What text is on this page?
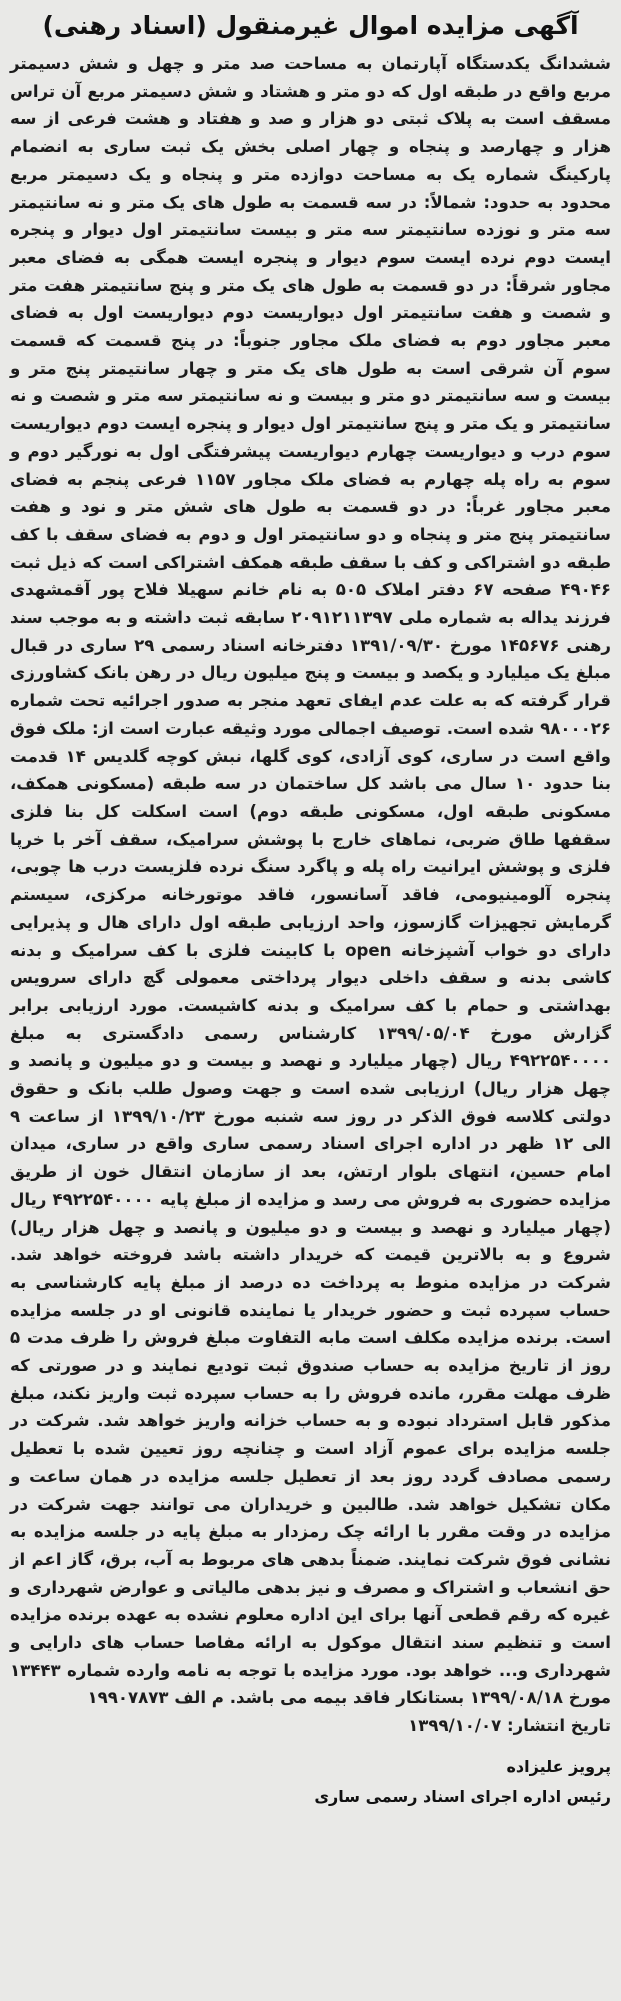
آگهی مزایده اموال غیرمنقول (اسناد رهنی)

ششدانگ یکدستگاه آپارتمان به مساحت صد متر و چهل و شش دسیمتر مربع واقع در طبقه اول که دو متر و هشتاد و شش دسیمتر مربع آن تراس مسقف است به پلاک ثبتی دو هزار و صد و هفتاد و هشت فرعی از سه هزار و چهارصد و پنجاه و چهار اصلی بخش یک ثبت ساری به انضمام پارکینگ شماره یک به مساحت دوازده متر و پنجاه و یک دسیمتر مربع محدود به حدود: شمالاً: در سه قسمت به طول های یک متر و نه سانتیمتر سه متر و نوزده سانتیمتر سه متر و بیست سانتیمتر اول دیوار و پنجره ایست دوم نرده ایست سوم دیوار و پنجره ایست همگی به فضای معبر مجاور شرقاً: در دو قسمت به طول های یک متر و پنج سانتیمتر هفت متر و شصت و هفت سانتیمتر اول دیواریست دوم دیواریست اول به فضای معبر مجاور دوم به فضای ملک مجاور جنوباً: در پنج قسمت که قسمت سوم آن شرقی است به طول های یک متر و چهار سانتیمتر پنج متر و بیست و سه سانتیمتر دو متر و بیست و نه سانتیمتر سه متر و شصت و نه سانتیمتر و یک متر و پنج سانتیمتر اول دیوار و پنجره ایست دوم دیواریست سوم درب و دیواریست چهارم دیواریست پیشرفتگی اول به نورگیر دوم و سوم به راه پله چهارم به فضای ملک مجاور ۱۱۵۷ فرعی پنجم به فضای معبر مجاور غرباً: در دو قسمت به طول های شش متر و نود و هفت سانتیمتر پنج متر و پنجاه و دو سانتیمتر اول و دوم به فضای سقف با کف طبقه دو اشتراکی و کف با سقف طبقه همکف اشتراکی است که ذیل ثبت ۴۹۰۴۶ صفحه ۶۷ دفتر املاک ۵۰۵ به نام خانم سهیلا فلاح پور آقمشهدی فرزند یداله به شماره ملی ۲۰۹۱۲۱۱۳۹۷ سابقه ثبت داشته و به موجب سند رهنی ۱۴۵۶۷۶ مورخ ۱۳۹۱/۰۹/۳۰ دفترخانه اسناد رسمی ۲۹ ساری در قبال مبلغ یک میلیارد و یکصد و بیست و پنج میلیون ریال در رهن بانک کشاورزی قرار گرفته که به علت عدم ایفای تعهد منجر به صدور اجرائیه تحت شماره ۹۸۰۰۰۲۶ شده است. توصیف اجمالی مورد وثیقه عبارت است از: ملک فوق واقع است در ساری، کوی آزادی، کوی گلها، نبش کوچه گلدیس ۱۴ قدمت بنا حدود ۱۰ سال می باشد کل ساختمان در سه طبقه (مسکونی همکف، مسکونی طبقه اول، مسکونی طبقه دوم) است اسکلت کل بنا فلزی سقفها طاق ضربی، نماهای خارج با پوشش سرامیک، سقف آخر با خرپا فلزی و پوشش ایرانیت راه پله و پاگرد سنگ نرده فلزیست درب ها چوبی، پنجره آلومینیومی، فاقد آسانسور، فاقد موتورخانه مرکزی، سیستم گرمایش تجهیزات گازسوز، واحد ارزیابی طبقه اول دارای هال و پذیرایی دارای دو خواب آشپزخانه open با کابینت فلزی با کف سرامیک و بدنه کاشی بدنه و سقف داخلی دیوار پرداختی معمولی گچ دارای سرویس بهداشتی و حمام با کف سرامیک و بدنه کاشیست. مورد ارزیابی برابر گزارش مورخ ۱۳۹۹/۰۵/۰۴ کارشناس رسمی دادگستری به مبلغ ۴۹۲۲۵۴۰۰۰۰ ریال (چهار میلیارد و نهصد و بیست و دو میلیون و پانصد و چهل هزار ریال) ارزیابی شده است و جهت وصول طلب بانک و حقوق دولتی کلاسه فوق الذکر در روز سه شنبه مورخ ۱۳۹۹/۱۰/۲۳ از ساعت ۹ الی ۱۲ ظهر در اداره اجرای اسناد رسمی ساری واقع در ساری، میدان امام حسین، انتهای بلوار ارتش، بعد از سازمان انتقال خون از طریق مزایده حضوری به فروش می رسد و مزایده از مبلغ پایه ۴۹۲۲۵۴۰۰۰۰ ریال (چهار میلیارد و نهصد و بیست و دو میلیون و پانصد و چهل هزار ریال) شروع و به بالاترین قیمت که خریدار داشته باشد فروخته خواهد شد. شرکت در مزایده منوط به پرداخت ده درصد از مبلغ پایه کارشناسی به حساب سپرده ثبت و حضور خریدار یا نماینده قانونی او در جلسه مزایده است. برنده مزایده مکلف است مابه التفاوت مبلغ فروش را ظرف مدت ۵ روز از تاریخ مزایده به حساب صندوق ثبت تودیع نمایند و در صورتی که ظرف مهلت مقرر، مانده فروش را به حساب سپرده ثبت واریز نکند، مبلغ مذکور قابل استرداد نبوده و به حساب خزانه واریز خواهد شد. شرکت در جلسه مزایده برای عموم آزاد است و چنانچه روز تعیین شده با تعطیل رسمی مصادف گردد روز بعد از تعطیل جلسه مزایده در همان ساعت و مکان تشکیل خواهد شد. طالبین و خریداران می توانند جهت شرکت در مزایده در وقت مقرر با ارائه چک رمزدار به مبلغ پایه در جلسه مزایده به نشانی فوق شرکت نمایند. ضمناً بدهی های مربوط به آب، برق، گاز اعم از حق انشعاب و اشتراک و مصرف و نیز بدهی مالیاتی و عوارض شهرداری و غیره که رقم قطعی آنها برای این اداره معلوم نشده به عهده برنده مزایده است و تنظیم سند انتقال موکول به ارائه مفاصا حساب های دارایی و شهرداری و... خواهد بود. مورد مزایده با توجه به نامه وارده شماره ۱۳۴۴۳ مورخ ۱۳۹۹/۰۸/۱۸ بستانکار فاقد بیمه می باشد. م الف ۱۹۹۰۷۸۷۳

تاریخ انتشار: ۱۳۹۹/۱۰/۰۷

پرویز علیزاده
رئیس اداره اجرای اسناد رسمی ساری
